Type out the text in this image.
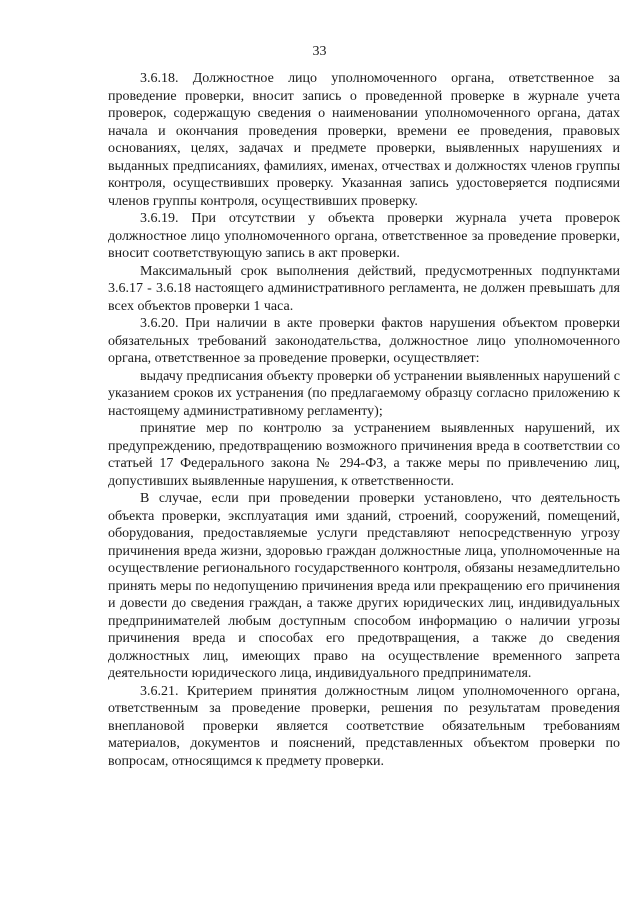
33

3.6.18. Должностное лицо уполномоченного органа, ответственное за проведение проверки, вносит запись о проведенной проверке в журнале учета проверок, содержащую сведения о наименовании уполномоченного органа, датах начала и окончания проведения проверки, времени ее проведения, правовых основаниях, целях, задачах и предмете проверки, выявленных нарушениях и выданных предписаниях, фамилиях, именах, отчествах и должностях членов группы контроля, осуществивших проверку. Указанная запись удостоверяется подписями членов группы контроля, осуществивших проверку.

3.6.19. При отсутствии у объекта проверки журнала учета проверок должностное лицо уполномоченного органа, ответственное за проведение проверки, вносит соответствующую запись в акт проверки.

Максимальный срок выполнения действий, предусмотренных подпунктами 3.6.17 - 3.6.18 настоящего административного регламента, не должен превышать для всех объектов проверки 1 часа.

3.6.20. При наличии в акте проверки фактов нарушения объектом проверки обязательных требований законодательства, должностное лицо уполномоченного органа, ответственное за проведение проверки, осуществляет:

выдачу предписания объекту проверки об устранении выявленных нарушений с указанием сроков их устранения (по предлагаемому образцу согласно приложению к настоящему административному регламенту);

принятие мер по контролю за устранением выявленных нарушений, их предупреждению, предотвращению возможного причинения вреда в соответствии со статьей 17 Федерального закона № 294-ФЗ, а также меры по привлечению лиц, допустивших выявленные нарушения, к ответственности.

В случае, если при проведении проверки установлено, что деятельность объекта проверки, эксплуатация ими зданий, строений, сооружений, помещений, оборудования, предоставляемые услуги представляют непосредственную угрозу причинения вреда жизни, здоровью граждан должностные лица, уполномоченные на осуществление регионального государственного контроля, обязаны незамедлительно принять меры по недопущению причинения вреда или прекращению его причинения и довести до сведения граждан, а также других юридических лиц, индивидуальных предпринимателей любым доступным способом информацию о наличии угрозы причинения вреда и способах его предотвращения, а также до сведения должностных лиц, имеющих право на осуществление временного запрета деятельности юридического лица, индивидуального предпринимателя.

3.6.21. Критерием принятия должностным лицом уполномоченного органа, ответственным за проведение проверки, решения по результатам проведения внеплановой проверки является соответствие обязательным требованиям материалов, документов и пояснений, представленных объектом проверки по вопросам, относящимся к предмету проверки.
